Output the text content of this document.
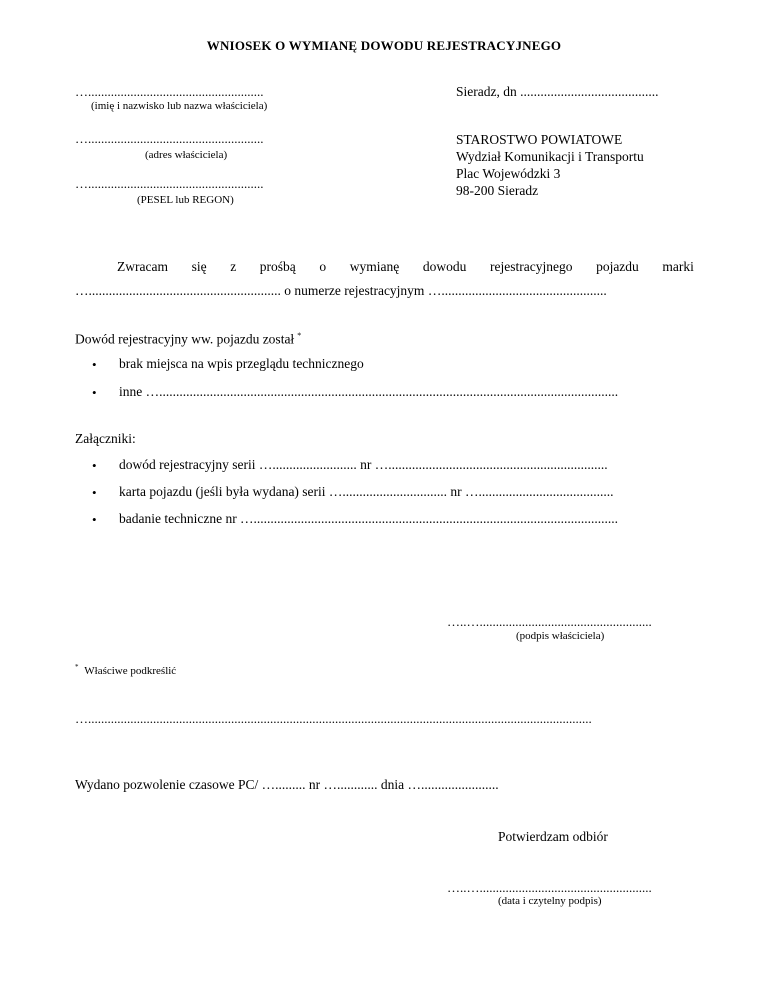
WNIOSEK O WYMIANĘ DOWODU REJESTRACYJNEGO
…......................................................
(imię i nazwisko lub nazwa właściciela)
…......................................................
(adres właściciela)
…......................................................
(PESEL lub REGON)
Sieradz, dn .........................................
STAROSTWO POWIATOWE
Wydział Komunikacji i Transportu
Plac Wojewódzki 3
98-200 Sieradz
Zwracam się z prośbą o wymianę dowodu rejestracyjnego pojazdu marki
…......................................................... o numerze rejestracyjnym ….................................................
Dowód rejestracyjny ww. pojazdu został *
• brak miejsca na wpis przeglądu technicznego
• inne …........................................................................................................................................
Załączniki:
• dowód rejestracyjny serii …......................... nr ….................................................................
• karta pojazdu (jeśli była wydana) serii …............................... nr …........................................
• badanie techniczne nr …............................................................................................................
…..….....................................................
(podpis właściciela)
* Właściwe podkreślić
…...........................................................................................................................................................
Wydano pozwolenie czasowe PC/ …......... nr …............ dnia ….......................
Potwierdzam odbiór
…..….....................................................
(data i czytelny podpis)
